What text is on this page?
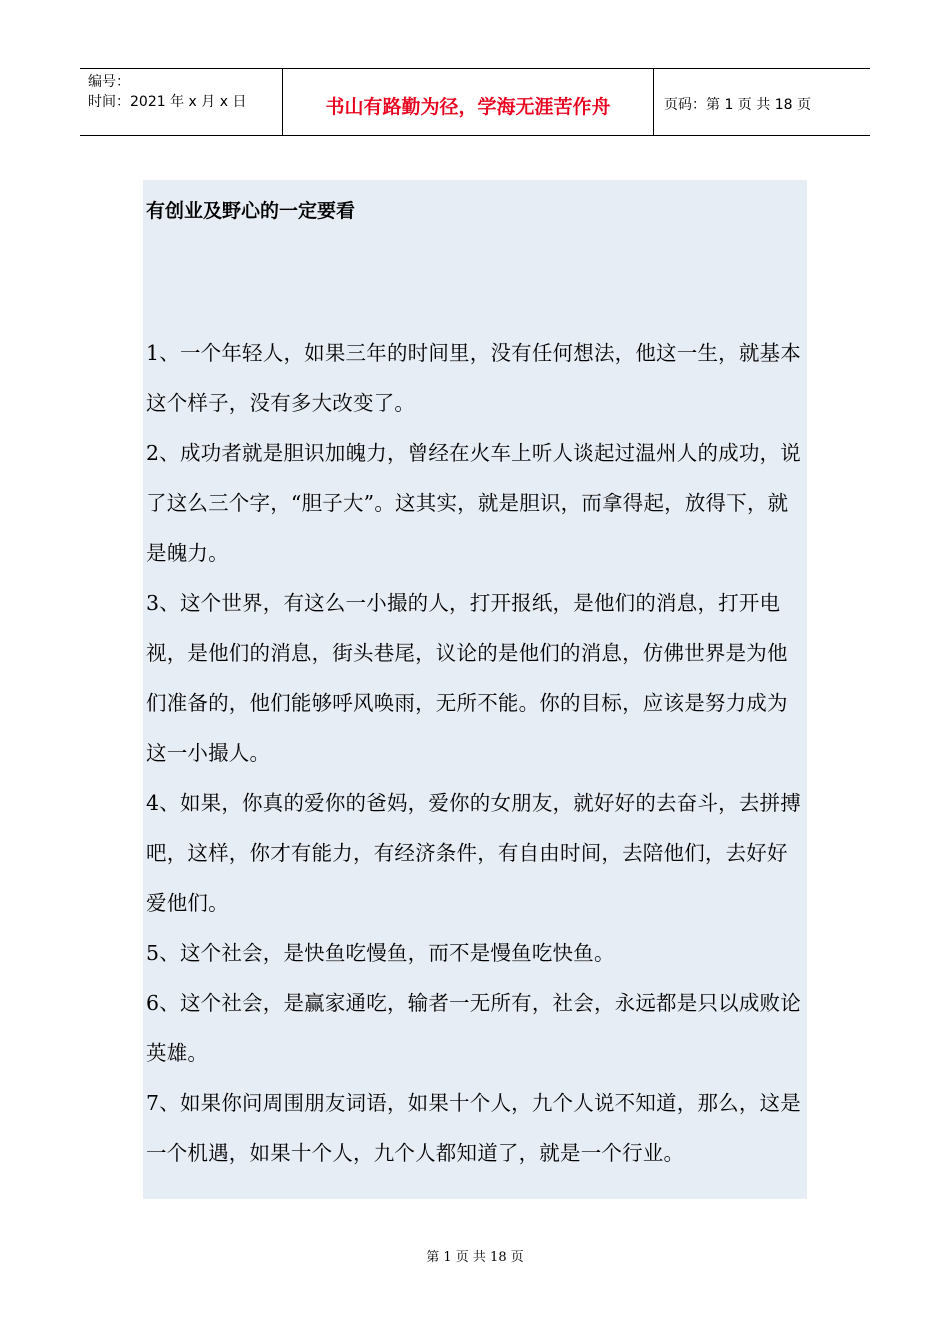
编号：
时间：2021 年 x 月 x 日	书山有路勤为径，学海无涯苦作舟	页码：第 1 页 共 18 页
有创业及野心的一定要看

1、一个年轻人，如果三年的时间里，没有任何想法，他这一生，就基本这个样子，没有多大改变了。

2、成功者就是胆识加魄力，曾经在火车上听人谈起过温州人的成功，说了这么三个字，“胆子大”。这其实，就是胆识，而拿得起，放得下，就是魄力。

3、这个世界，有这么一小撮的人，打开报纸，是他们的消息，打开电视，是他们的消息，街头巷尾，议论的是他们的消息，仿佛世界是为他们准备的，他们能够呼风唤雨，无所不能。你的目标，应该是努力成为这一小撮人。

4、如果，你真的爱你的爸妈，爱你的女朋友，就好好的去奋斗，去拼搏吧，这样，你才有能力，有经济条件，有自由时间，去陪他们，去好好爱他们。

5、这个社会，是快鱼吃慢鱼，而不是慢鱼吃快鱼。

6、这个社会，是赢家通吃，输者一无所有，社会，永远都是只以成败论英雄。

7、如果你问周围朋友词语，如果十个人，九个人说不知道，那么，这是一个机遇，如果十个人，九个人都知道了，就是一个行业。

第 1 页 共 18 页
